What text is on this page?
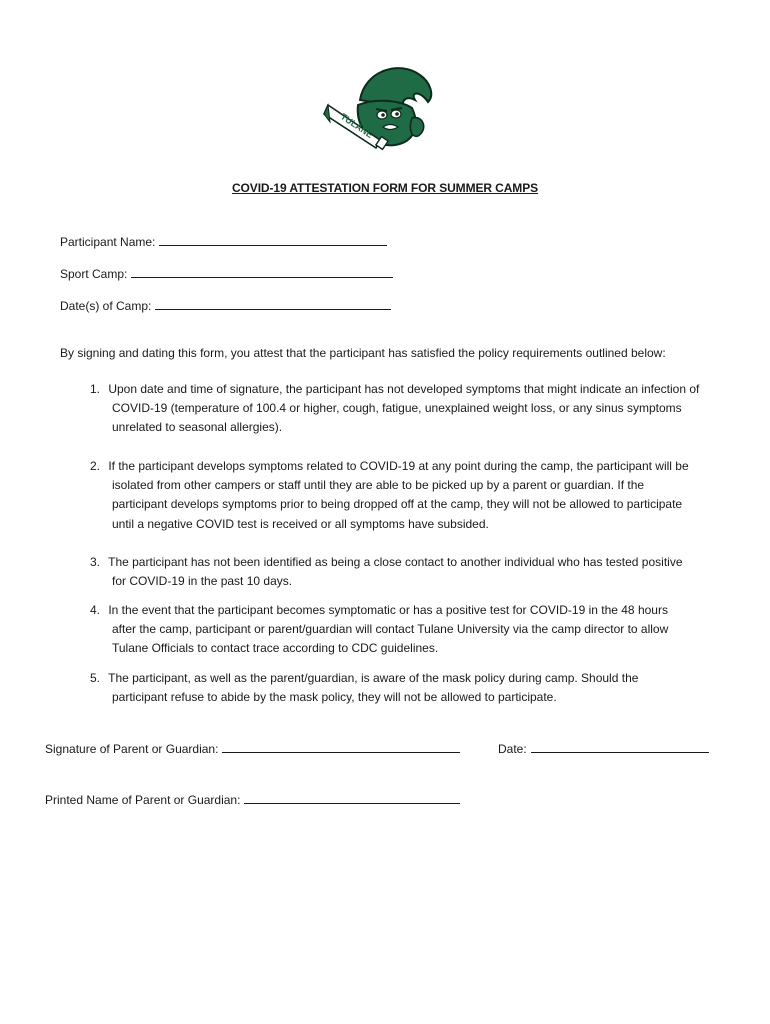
TULANE
COVID-19 ATTESTATION FORM FOR SUMMER CAMPS
Participant Name:
Sport Camp:
Date(s) of Camp:
By signing and dating this form, you attest that the participant has satisfied the policy requirements outlined below:
1. Upon date and time of signature, the participant has not developed symptoms that might indicate an infection of
COVID-19 (temperature of 100.4 or higher, cough, fatigue, unexplained weight loss, or any sinus symptoms
unrelated to seasonal allergies).
2. If the participant develops symptoms related to COVID-19 at any point during the camp, the participant will be
isolated from other campers or staff until they are able to be picked up by a parent or guardian. If the
participant develops symptoms prior to being dropped off at the camp, they will not be allowed to participate
until a negative COVID test is received or all symptoms have subsided.
3. The participant has not been identified as being a close contact to another individual who has tested positive
for COVID-19 in the past 10 days.
4. In the event that the participant becomes symptomatic or has a positive test for COVID-19 in the 48 hours
after the camp, participant or parent/guardian will contact Tulane University via the camp director to allow
Tulane Officials to contact trace according to CDC guidelines.
5. The participant, as well as the parent/guardian, is aware of the mask policy during camp. Should the
participant refuse to abide by the mask policy, they will not be allowed to participate.
Signature of Parent or Guardian:	Date:
Printed Name of Parent or Guardian:
